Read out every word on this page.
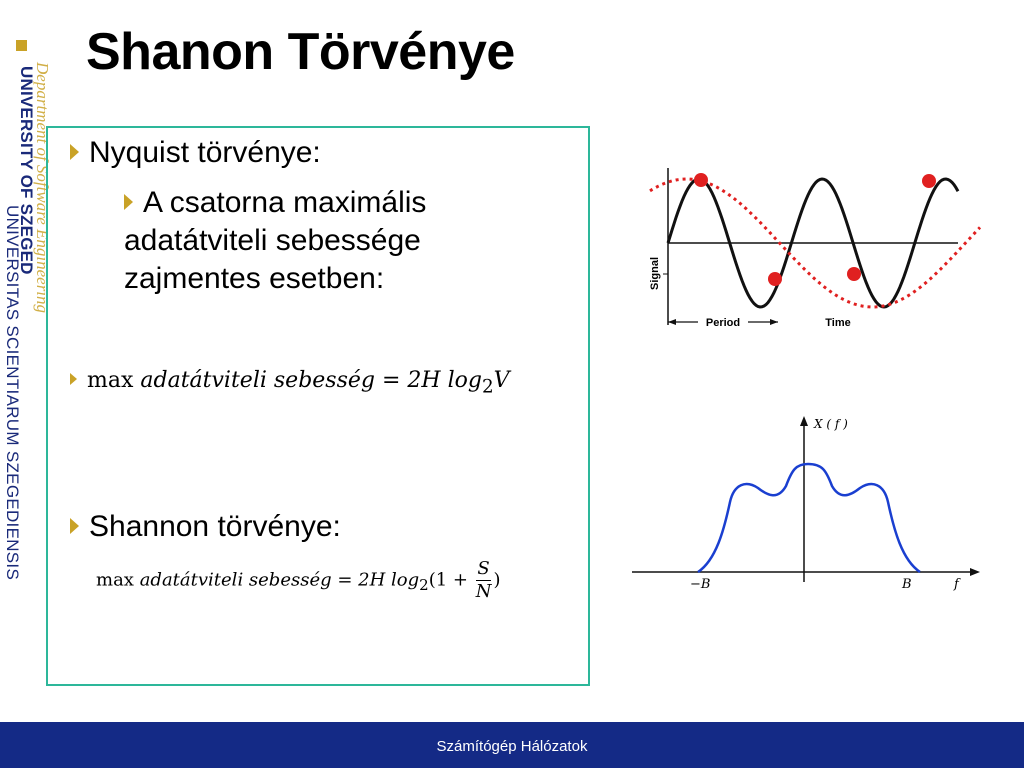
Department of Software Engineering
UNIVERSITY OF SZEGED
UNIVERSITAS SCIENTIARUM SZEGEDIENSIS
Shanon Törvénye
Nyquist törvénye:
A csatorna maximális adatátviteli sebessége zajmentes esetben:
max adatátviteli sebesség = 2H $\log_2V$
Shannon törvénye:
max adatátviteli sebesség = 2H $\log_2(1 + \frac{S}{N}$ )
Signal
Period	Time
X ( f )
−B	B	f
Számítógép Hálózatok
